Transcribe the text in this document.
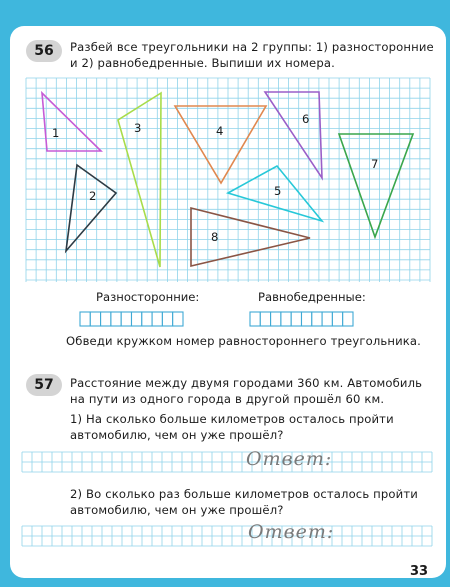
56	Разбей все треугольники на 2 группы: 1) разносторонние
и 2) равнобедренные. Выпиши их номера.
1
2
3	4
5
6
7
8
Разносторонние:	Равнобедренные:
Обведи кружком номер равностороннего треугольника.
57	Расстояние между двумя городами 360 км. Автомобиль
на пути из одного города в другой прошёл 60 км.
1) На сколько больше километров осталось пройти
автомобилю, чем он уже прошёл?
Ответ:
2) Во сколько раз больше километров осталось пройти
автомобилю, чем он уже прошёл?
Ответ:
33
